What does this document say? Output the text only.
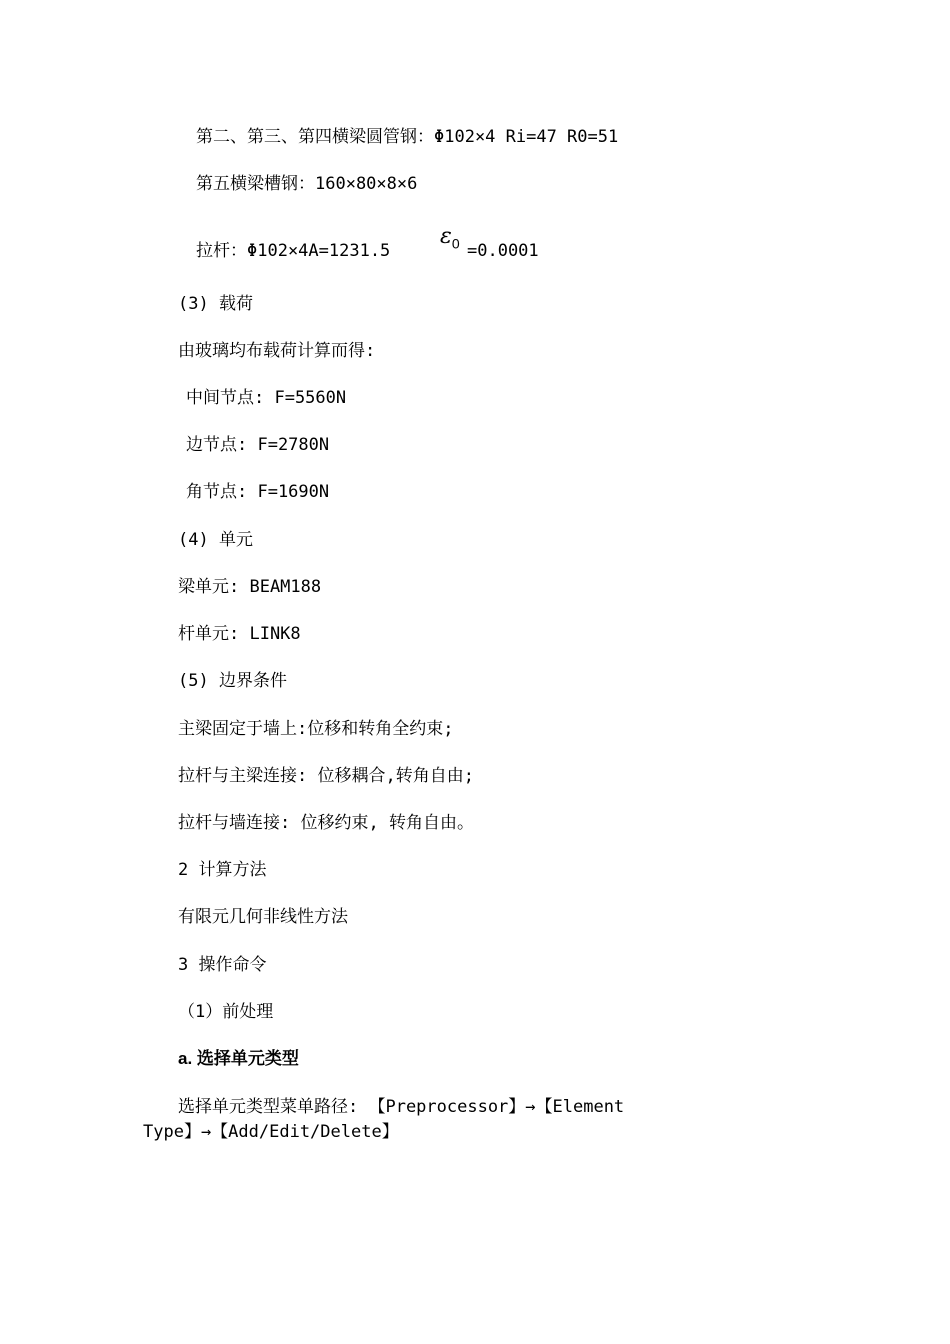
第二、第三、第四横梁圆管钢：Φ102×4 Ri=47 R0=51
第五横梁槽钢：160×80×8×6
拉杆：Φ102×4A=1231.5
$\varepsilon_0 =0.0001$
(3) 载荷
由玻璃均布载荷计算而得:
中间节点: F=5560N
边节点: F=2780N
角节点: F=1690N
(4) 单元
梁单元: BEAM188
杆单元: LINK8
(5) 边界条件
主梁固定于墙上:位移和转角全约束;
拉杆与主梁连接: 位移耦合,转角自由;
拉杆与墙连接: 位移约束, 转角自由。
2 计算方法
有限元几何非线性方法
3 操作命令
（1）前处理
a. 选择单元类型
选择单元类型菜单路径: 【Preprocessor】→【Element
Type】→【Add/Edit/Delete】
